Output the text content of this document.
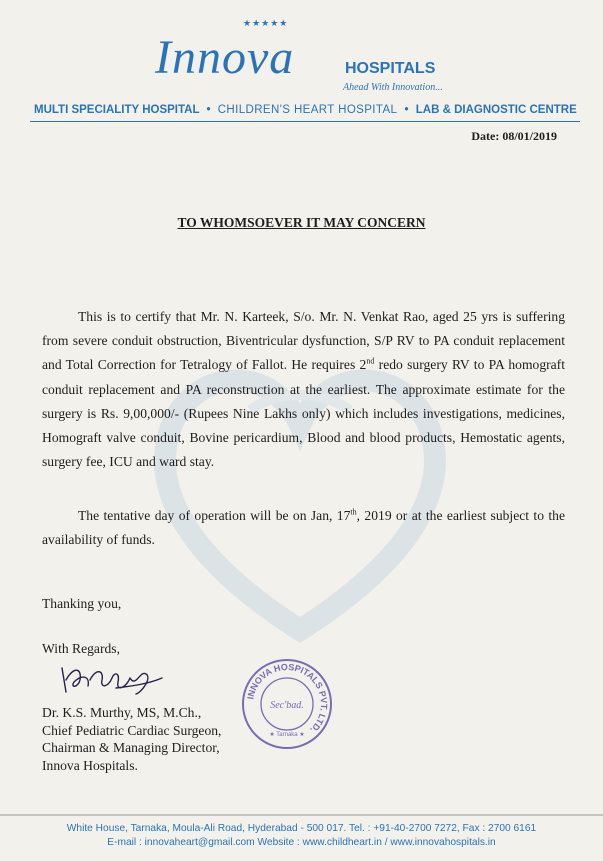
★★★★★
Innova	HOSPITALS
Ahead With Innovation...
MULTI SPECIALITY HOSPITAL • CHILDREN'S HEART HOSPITAL • LAB & DIAGNOSTIC CENTRE
Date: 08/01/2019
TO WHOMSOEVER IT MAY CONCERN
This is to certify that Mr. N. Karteek, S/o. Mr. N. Venkat Rao, aged 25 yrs is suffering from severe conduit obstruction, Biventricular dysfunction, S/P RV to PA conduit replacement and Total Correction for Tetralogy of Fallot. He requires 2nd redo surgery RV to PA homograft conduit replacement and PA reconstruction at the earliest. The approximate estimate for the surgery is Rs. 9,00,000/- (Rupees Nine Lakhs only) which includes investigations, medicines, Homograft valve conduit, Bovine pericardium, Blood and blood products, Hemostatic agents, surgery fee, ICU and ward stay.
The tentative day of operation will be on Jan, 17th, 2019 or at the earliest subject to the availability of funds.
Thanking you,
With Regards,
Dr. K.S. Murthy, MS, M.Ch.,
Chief Pediatric Cardiac Surgeon,
Chairman & Managing Director,
Innova Hospitals.
INNOVA HOSPITALS PVT. LTD.
Sec'bad.
★ Tarnaka ★
White House, Tarnaka, Moula-Ali Road, Hyderabad - 500 017. Tel. : +91-40-2700 7272, Fax : 2700 6161
E-mail : innovaheart@gmail.com Website : www.childheart.in / www.innovahospitals.in
